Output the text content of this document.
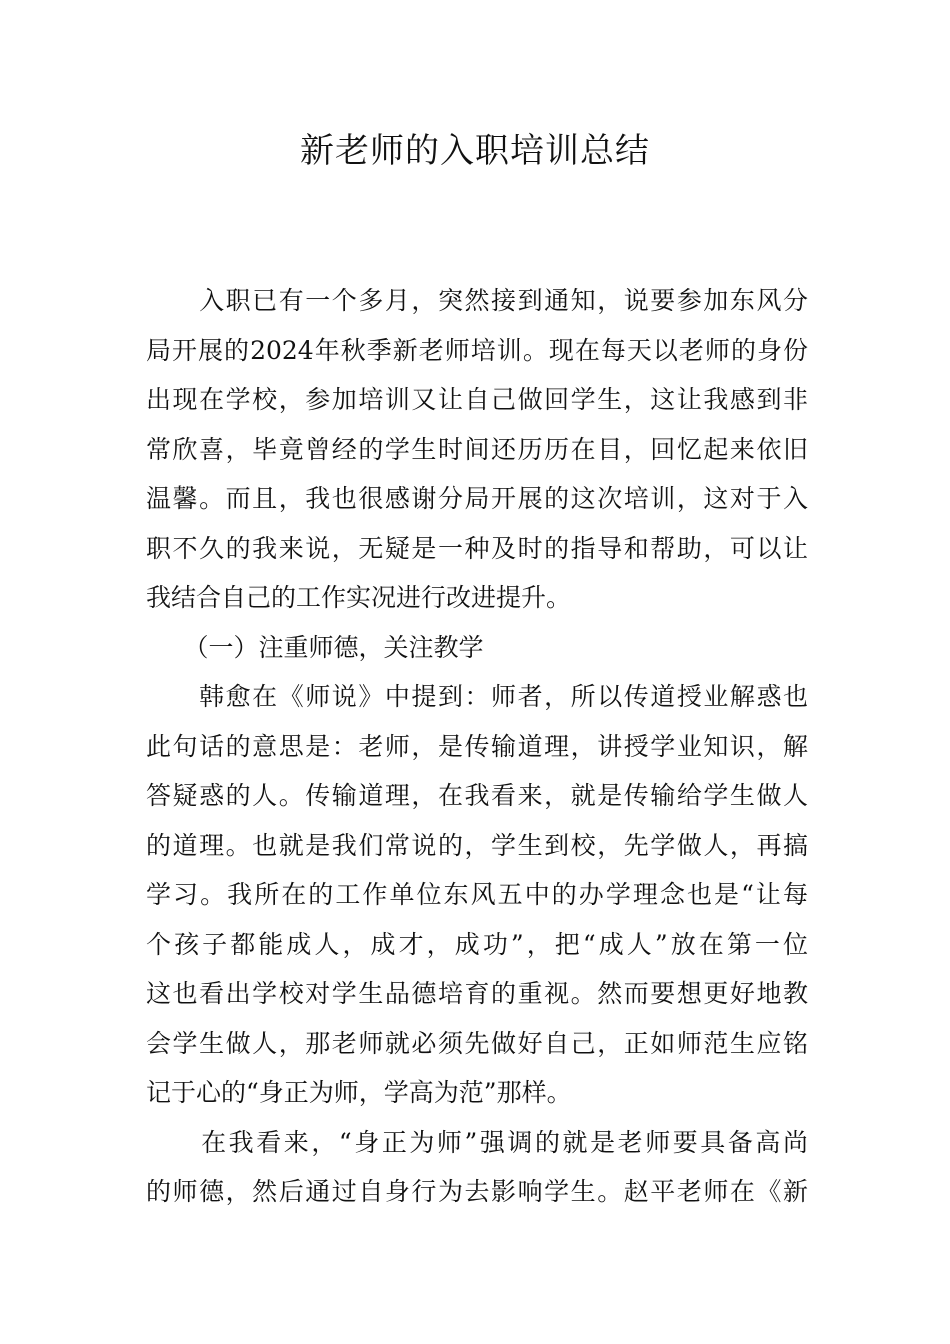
新老师的入职培训总结
　　入职已有一个多月，突然接到通知，说要参加东风分
局开展的2024年秋季新老师培训。现在每天以老师的身份
出现在学校，参加培训又让自己做回学生，这让我感到非
常欣喜，毕竟曾经的学生时间还历历在目，回忆起来依旧
温馨。而且，我也很感谢分局开展的这次培训，这对于入
职不久的我来说，无疑是一种及时的指导和帮助，可以让
我结合自己的工作实况进行改进提升。
　　（一）注重师德，关注教学
　　韩愈在《师说》中提到：师者，所以传道授业解惑也
此句话的意思是：老师，是传输道理，讲授学业知识，解
答疑惑的人。传输道理，在我看来，就是传输给学生做人
的道理。也就是我们常说的，学生到校，先学做人，再搞
学习。我所在的工作单位东风五中的办学理念也是“让每
个孩子都能成人，成才，成功”，把“成人”放在第一位
这也看出学校对学生品德培育的重视。然而要想更好地教
会学生做人，那老师就必须先做好自己，正如师范生应铭
记于心的“身正为师，学高为范”那样。
　　在我看来，“身正为师”强调的就是老师要具备高尚
的师德，然后通过自身行为去影响学生。赵平老师在《新
